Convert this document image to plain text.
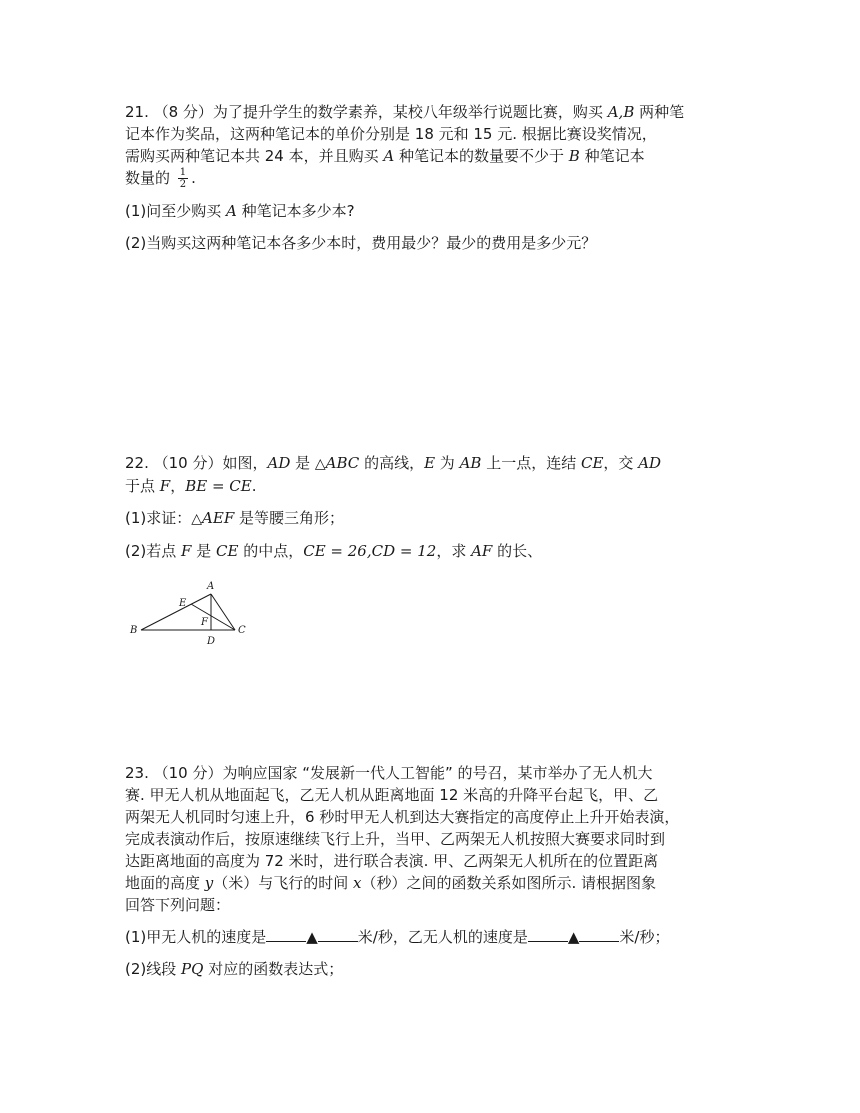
21. （8 分）为了提升学生的数学素养，某校八年级举行说题比赛，购买 A,B 两种笔
记本作为奖品，这两种笔记本的单价分别是 18 元和 15 元. 根据比赛设奖情况，
需购买两种笔记本共 24 本，并且购买 A 种笔记本的数量要不少于 B 种笔记本
数量的 $\frac{1}{2}$ .

(1)问至少购买 A 种笔记本多少本?

(2)当购买这两种笔记本各多少本时，费用最少？最少的费用是多少元？

22. （10 分）如图，AD 是 △ABC 的高线，E 为 AB 上一点，连结 CE，交 AD
于点 F，BE = CE.

(1)求证：△AEF 是等腰三角形；

(2)若点 F 是 CE 的中点，CE = 26,CD = 12，求 AF 的长、

A
E
F
B	C
D

23. （10 分）为响应国家 “发展新一代人工智能” 的号召，某市举办了无人机大
赛. 甲无人机从地面起飞，乙无人机从距离地面 12 米高的升降平台起飞，甲、乙
两架无人机同时匀速上升，6 秒时甲无人机到达大赛指定的高度停止上升开始表演，
完成表演动作后，按原速继续飞行上升，当甲、乙两架无人机按照大赛要求同时到
达距离地面的高度为 72 米时，进行联合表演. 甲、乙两架无人机所在的位置距离
地面的高度 y（米）与飞行的时间 x（秒）之间的函数关系如图所示. 请根据图象
回答下列问题：

(1)甲无人机的速度是	▲	米/秒，乙无人机的速度是	▲	米/秒；

(2)线段 PQ 对应的函数表达式；
